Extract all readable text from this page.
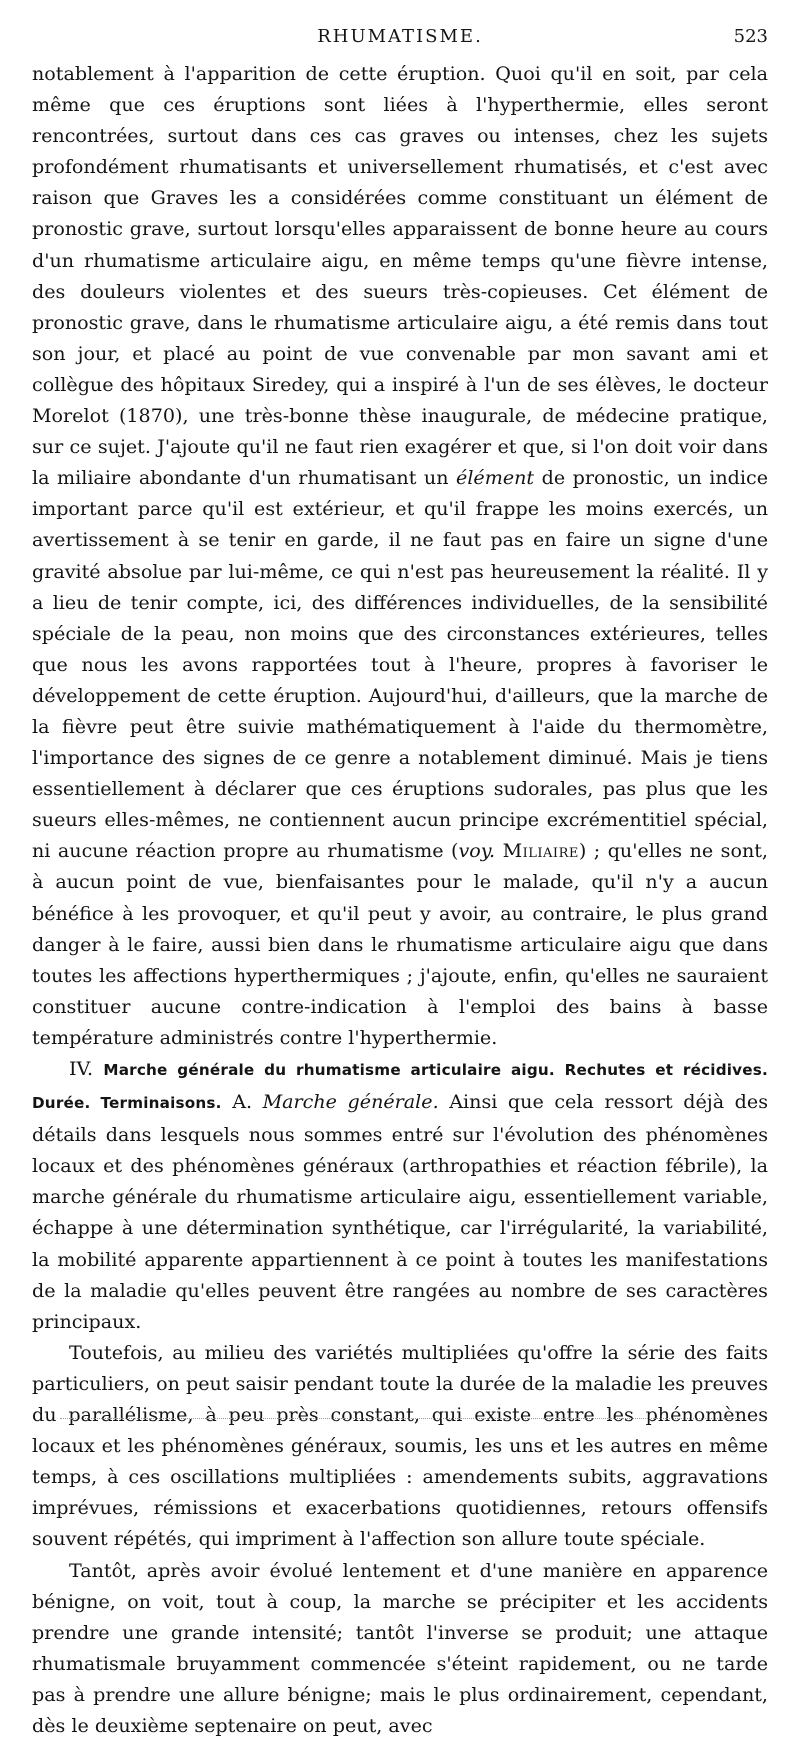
RHUMATISME.	523

notablement à l'apparition de cette éruption. Quoi qu'il en soit, par cela même que ces éruptions sont liées à l'hyperthermie, elles seront rencontrées, surtout dans ces cas graves ou intenses, chez les sujets profondément rhumatisants et universellement rhumatisés, et c'est avec raison que Graves les a considérées comme constituant un élément de pronostic grave, surtout lorsqu'elles apparaissent de bonne heure au cours d'un rhumatisme articulaire aigu, en même temps qu'une fièvre intense, des douleurs violentes et des sueurs très-copieuses. Cet élément de pronostic grave, dans le rhumatisme articulaire aigu, a été remis dans tout son jour, et placé au point de vue convenable par mon savant ami et collègue des hôpitaux Siredey, qui a inspiré à l'un de ses élèves, le docteur Morelot (1870), une très-bonne thèse inaugurale, de médecine pratique, sur ce sujet. J'ajoute qu'il ne faut rien exagérer et que, si l'on doit voir dans la miliaire abondante d'un rhumatisant un élément de pronostic, un indice important parce qu'il est extérieur, et qu'il frappe les moins exercés, un avertissement à se tenir en garde, il ne faut pas en faire un signe d'une gravité absolue par lui-même, ce qui n'est pas heureusement la réalité. Il y a lieu de tenir compte, ici, des différences individuelles, de la sensibilité spéciale de la peau, non moins que des circonstances extérieures, telles que nous les avons rapportées tout à l'heure, propres à favoriser le développement de cette éruption. Aujourd'hui, d'ailleurs, que la marche de la fièvre peut être suivie mathématiquement à l'aide du thermomètre, l'importance des signes de ce genre a notablement diminué. Mais je tiens essentiellement à déclarer que ces éruptions sudorales, pas plus que les sueurs elles-mêmes, ne contiennent aucun principe excrémentitiel spécial, ni aucune réaction propre au rhumatisme (voy. Miliaire) ; qu'elles ne sont, à aucun point de vue, bienfaisantes pour le malade, qu'il n'y a aucun bénéfice à les provoquer, et qu'il peut y avoir, au contraire, le plus grand danger à le faire, aussi bien dans le rhumatisme articulaire aigu que dans toutes les affections hyperthermiques ; j'ajoute, enfin, qu'elles ne sauraient constituer aucune contre-indication à l'emploi des bains à basse température administrés contre l'hyperthermie.

IV. Marche générale du rhumatisme articulaire aigu. Rechutes et récidives. Durée. Terminaisons. A. Marche générale. Ainsi que cela ressort déjà des détails dans lesquels nous sommes entré sur l'évolution des phénomènes locaux et des phénomènes généraux (arthropathies et réaction fébrile), la marche générale du rhumatisme articulaire aigu, essentiellement variable, échappe à une détermination synthétique, car l'irrégularité, la variabilité, la mobilité apparente appartiennent à ce point à toutes les manifestations de la maladie qu'elles peuvent être rangées au nombre de ses caractères principaux.

Toutefois, au milieu des variétés multipliées qu'offre la série des faits particuliers, on peut saisir pendant toute la durée de la maladie les preuves du parallélisme, à peu près constant, qui existe entre les phénomènes locaux et les phénomènes généraux, soumis, les uns et les autres en même temps, à ces oscillations multipliées : amendements subits, aggravations imprévues, rémissions et exacerbations quotidiennes, retours offensifs souvent répétés, qui impriment à l'affection son allure toute spéciale.

Tantôt, après avoir évolué lentement et d'une manière en apparence bénigne, on voit, tout à coup, la marche se précipiter et les accidents prendre une grande intensité; tantôt l'inverse se produit; une attaque rhumatismale bruyamment commencée s'éteint rapidement, ou ne tarde pas à prendre une allure bénigne; mais le plus ordinairement, cependant, dès le deuxième septenaire on peut, avec
